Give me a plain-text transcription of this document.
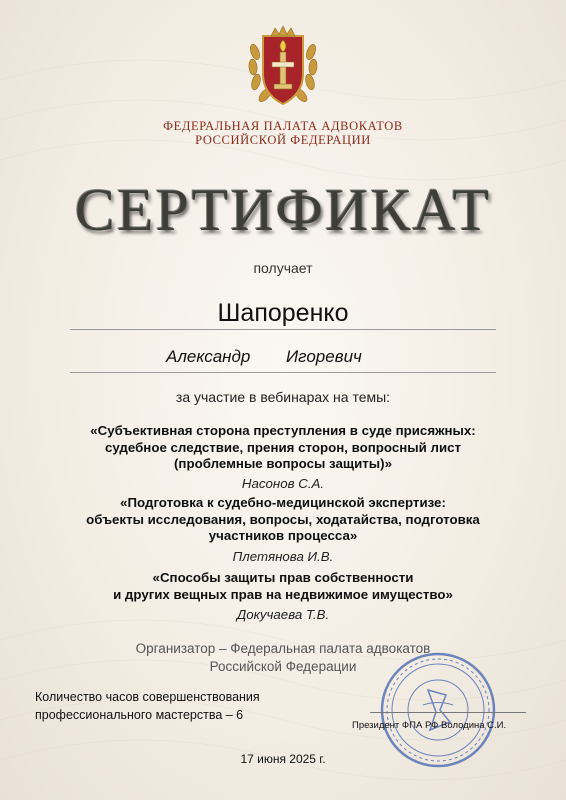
ФЕДЕРАЛЬНАЯ ПАЛАТА АДВОКАТОВ
РОССИЙСКОЙ ФЕДЕРАЦИИ
СЕРТИФИКАТ
получает
Шапоренко
Александр Игоревич
за участие в вебинарах на темы:
«Субъективная сторона преступления в суде присяжных:
судебное следствие, прения сторон, вопросный лист
(проблемные вопросы защиты)»
Насонов С.А.
«Подготовка к судебно-медицинской экспертизе:
объекты исследования, вопросы, ходатайства, подготовка
участников процесса»
Плетянова И.В.
«Способы защиты прав собственности
и других вещных прав на недвижимое имущество»
Докучаева Т.В.
Организатор – Федеральная палата адвокатов
Российской Федерации
Количество часов совершенствования
профессионального мастерства – 6
Президент ФПА РФ Володина С.И.
17 июня 2025 г.
